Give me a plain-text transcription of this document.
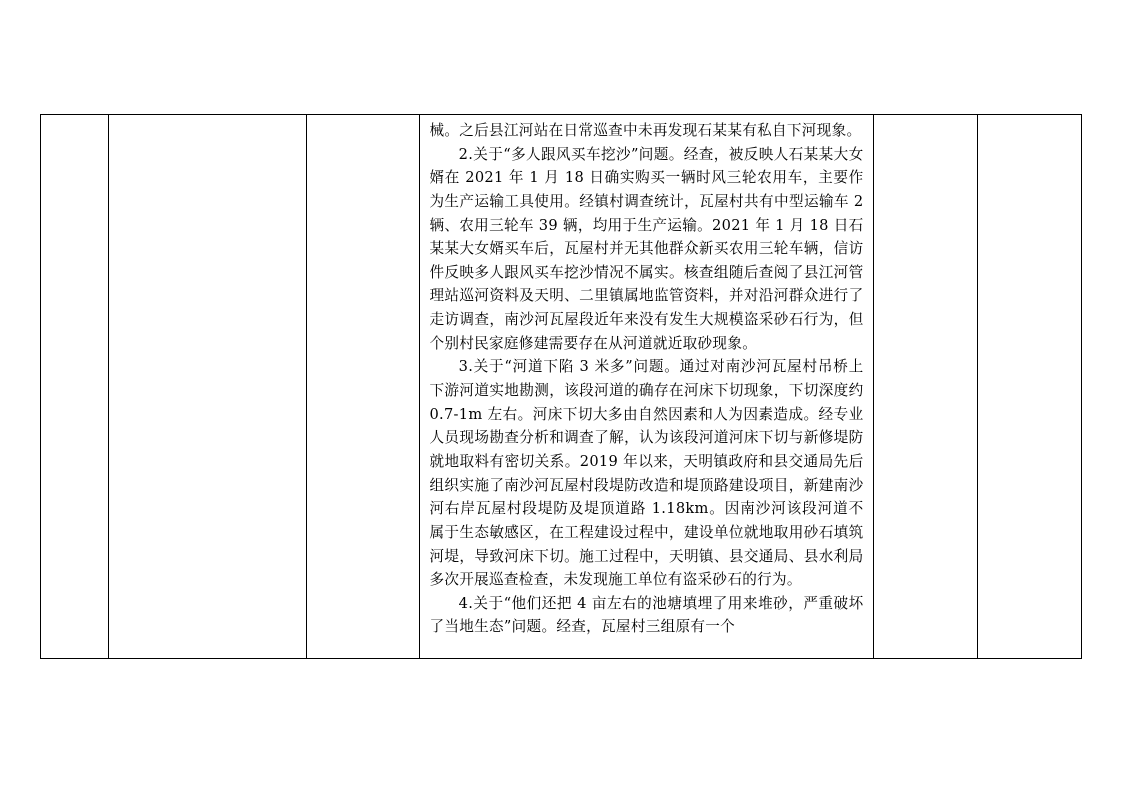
械。之后县江河站在日常巡查中未再发现石某某有私自下河现象。

2.关于“多人跟风买车挖沙”问题。经查，被反映人石某某大女婿在 2021 年 1 月 18 日确实购买一辆时风三轮农用车，主要作为生产运输工具使用。经镇村调查统计，瓦屋村共有中型运输车 2 辆、农用三轮车 39 辆，均用于生产运输。2021 年 1 月 18 日石某某大女婿买车后，瓦屋村并无其他群众新买农用三轮车辆，信访件反映多人跟风买车挖沙情况不属实。核查组随后查阅了县江河管理站巡河资料及天明、二里镇属地监管资料，并对沿河群众进行了走访调查，南沙河瓦屋段近年来没有发生大规模盗采砂石行为，但个别村民家庭修建需要存在从河道就近取砂现象。

3.关于“河道下陷 3 米多”问题。通过对南沙河瓦屋村吊桥上下游河道实地勘测，该段河道的确存在河床下切现象，下切深度约 0.7-1m 左右。河床下切大多由自然因素和人为因素造成。经专业人员现场勘查分析和调查了解，认为该段河道河床下切与新修堤防就地取料有密切关系。2019 年以来，天明镇政府和县交通局先后组织实施了南沙河瓦屋村段堤防改造和堤顶路建设项目，新建南沙河右岸瓦屋村段堤防及堤顶道路 1.18km。因南沙河该段河道不属于生态敏感区，在工程建设过程中，建设单位就地取用砂石填筑河堤，导致河床下切。施工过程中，天明镇、县交通局、县水利局多次开展巡查检查，未发现施工单位有盗采砂石的行为。

4.关于“他们还把 4 亩左右的池塘填埋了用来堆砂，严重破坏了当地生态”问题。经查，瓦屋村三组原有一个
